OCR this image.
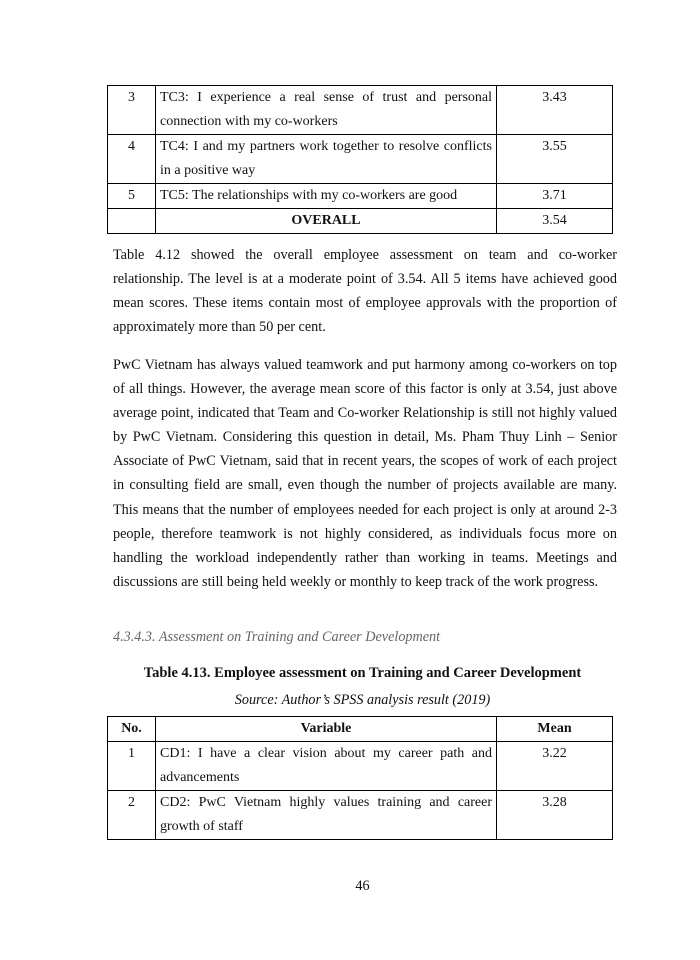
3	TC3: I experience a real sense of trust and personal connection with my co-workers	3.43
4	TC4: I and my partners work together to resolve conflicts in a positive way	3.55
5	TC5: The relationships with my co-workers are good	3.71
	OVERALL	3.54

Table 4.12 showed the overall employee assessment on team and co-worker relationship. The level is at a moderate point of 3.54. All 5 items have achieved good mean scores. These items contain most of employee approvals with the proportion of approximately more than 50 per cent.

PwC Vietnam has always valued teamwork and put harmony among co-workers on top of all things. However, the average mean score of this factor is only at 3.54, just above average point, indicated that Team and Co-worker Relationship is still not highly valued by PwC Vietnam. Considering this question in detail, Ms. Pham Thuy Linh – Senior Associate of PwC Vietnam, said that in recent years, the scopes of work of each project in consulting field are small, even though the number of projects available are many. This means that the number of employees needed for each project is only at around 2-3 people, therefore teamwork is not highly considered, as individuals focus more on handling the workload independently rather than working in teams. Meetings and discussions are still being held weekly or monthly to keep track of the work progress.

4.3.4.3. Assessment on Training and Career Development

Table 4.13. Employee assessment on Training and Career Development

Source: Author’s SPSS analysis result (2019)

No.	Variable	Mean
1	CD1: I have a clear vision about my career path and advancements	3.22
2	CD2: PwC Vietnam highly values training and career growth of staff	3.28

46
